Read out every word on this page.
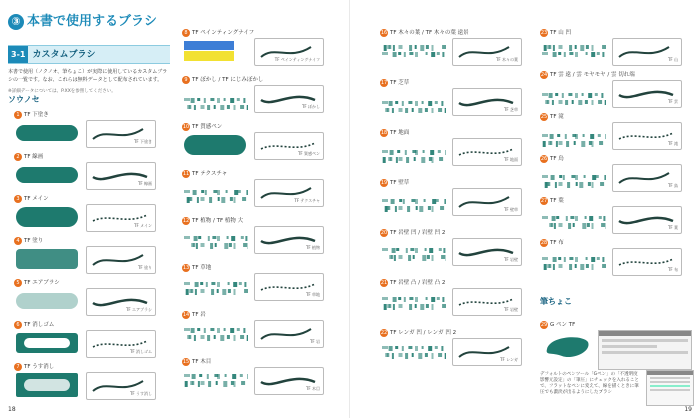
③ 本書で使用するブラシ
3-1 カスタムブラシ
本書で使用（ノクノオ、筆ちょこ）が実際に使用しているカスタムブラシの一覧です。なお、これらは無料データとして配布されています。
※詳細データについては、P.XXを参照してください。
ソウノセ
1 TF 下塗き
TF 下塗き
2 TF 線画
TF 線画
3 TF メイン
TF メイン
4 TF 塗り
TF 塗り
5 TF エアブラシ
TF エアブラシ
6 TF 消しゴム
TF 消しゴム
7 TF うす消し
TF うす消し
8 TF ペインティングナイフ
TF ペインティングナイフ
9 TF ぼかし / TF にじみぼかし
TF ぼかし
10 TF 質感ペン
TF 質感ペン
11 TF テクスチャ
TF テクスチャ
12 TF 植物 / TF 植物 大
TF 植物
13 TF 草地
TF 草地
14 TF 岩
TF 岩
15 TF 木目
TF 木目
18
16 TF 木々の葉 / TF 木々の葉 遠景
TF 木々の葉
17 TF 芝草
TF 芝草
18 TF 地面
TF 地面
19 TF 壁草
TF 壁草
20 TF 岩壁 凹 / 岩壁 凹 2
TF 岩壁
21 TF 岩壁 凸 / 岩壁 凸 2
TF 岩壁
22 TF レンガ 凹 / レンガ 凹 2
TF レンガ
23 TF 山 凹
TF 山
24 TF 雲 遠 / 雲 モヤモヤ / 雲 切れ端
TF 雲
25 TF 滝
TF 滝
26 TF 鳥
TF 鳥
27 TF 葉
TF 葉
28 TF 布
TF 布
筆ちょこ
29 G ペン TF
デフォルトのペンツール「Gペン」の「不透明度影響元設定」の「筆圧」にチェックを入れることで、フラットなペンに変えて、線を描くときに筆圧でも濃淡が出るようにしたブラシ
19
